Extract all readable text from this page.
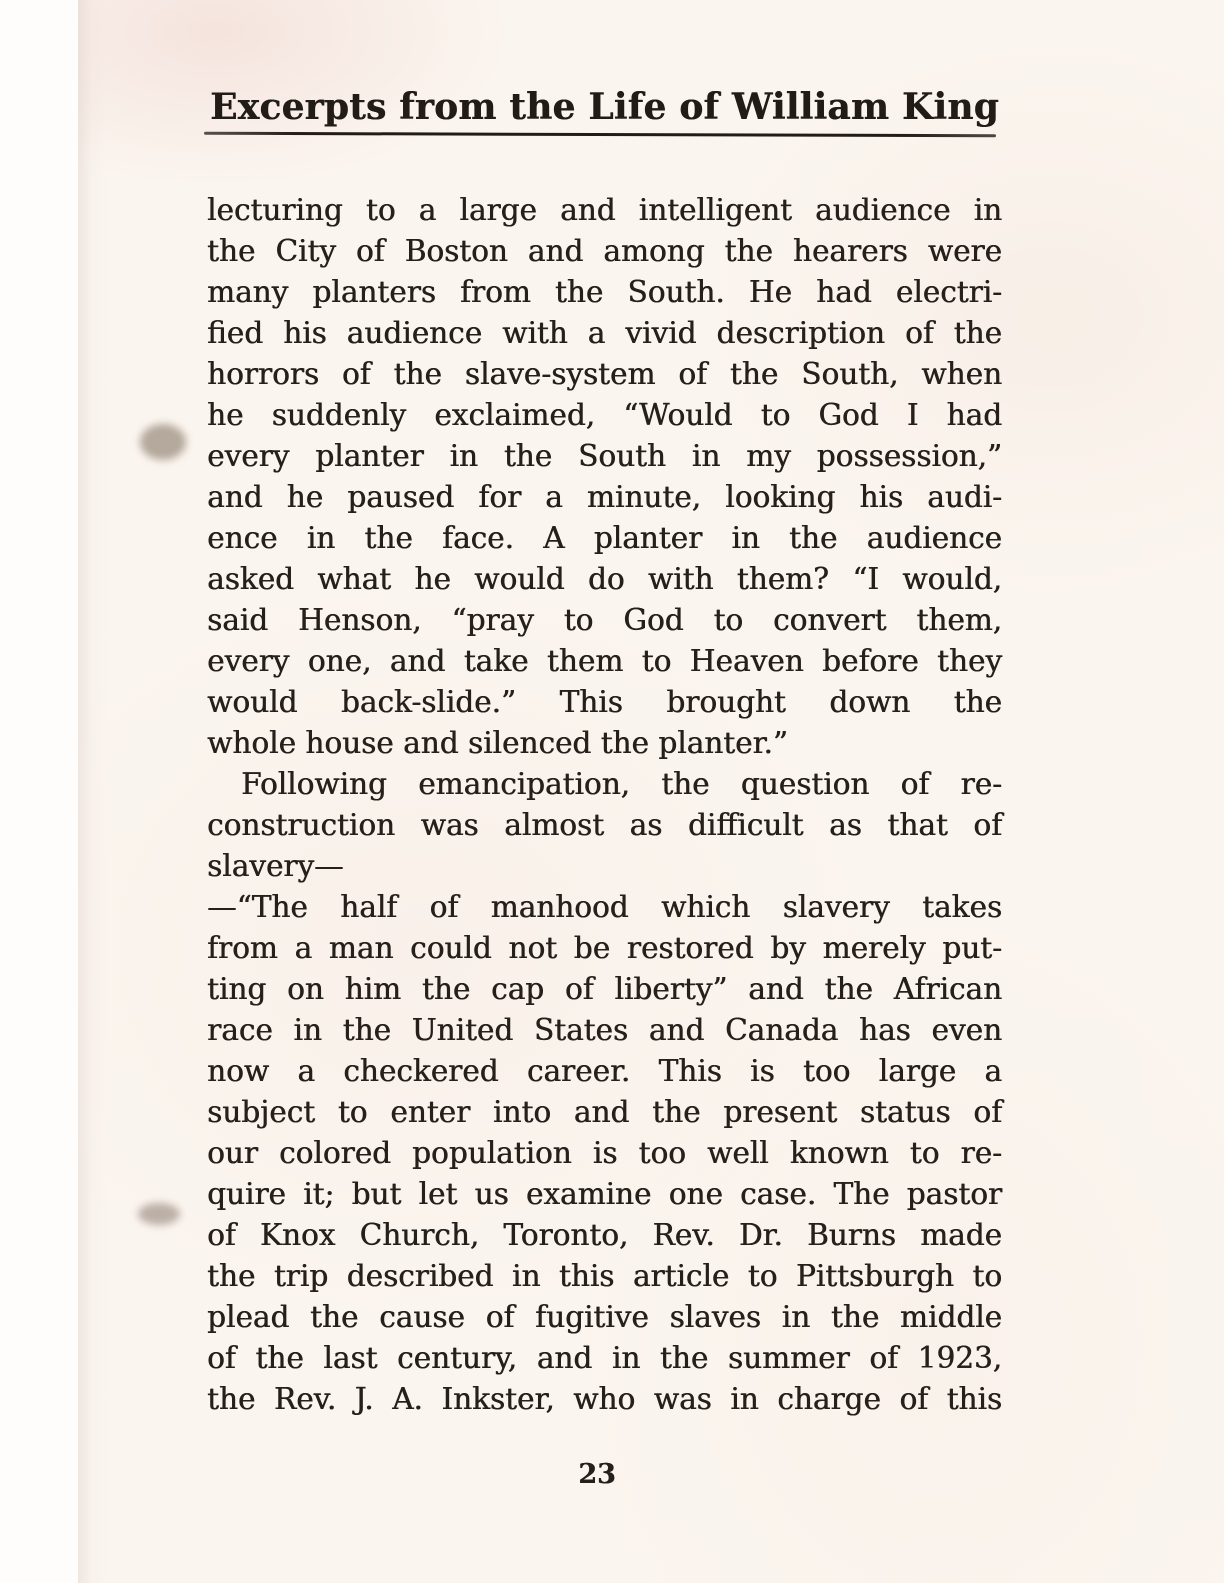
Excerpts from the Life of William King
lecturing to a large and intelligent audience in
the City of Boston and among the hearers were
many planters from the South. He had electri-
fied his audience with a vivid description of the
horrors of the slave-system of the South, when
he suddenly exclaimed, “Would to God I had
every planter in the South in my possession,”
and he paused for a minute, looking his audi-
ence in the face. A planter in the audience
asked what he would do with them? “I would,
said Henson, “pray to God to convert them,
every one, and take them to Heaven before they
would back-slide.” This brought down the
whole house and silenced the planter.”
Following emancipation, the question of re-
construction was almost as difficult as that of
slavery—
—“The half of manhood which slavery takes
from a man could not be restored by merely put-
ting on him the cap of liberty” and the African
race in the United States and Canada has even
now a checkered career. This is too large a
subject to enter into and the present status of
our colored population is too well known to re-
quire it; but let us examine one case. The pastor
of Knox Church, Toronto, Rev. Dr. Burns made
the trip described in this article to Pittsburgh to
plead the cause of fugitive slaves in the middle
of the last century, and in the summer of 1923,
the Rev. J. A. Inkster, who was in charge of this
23
